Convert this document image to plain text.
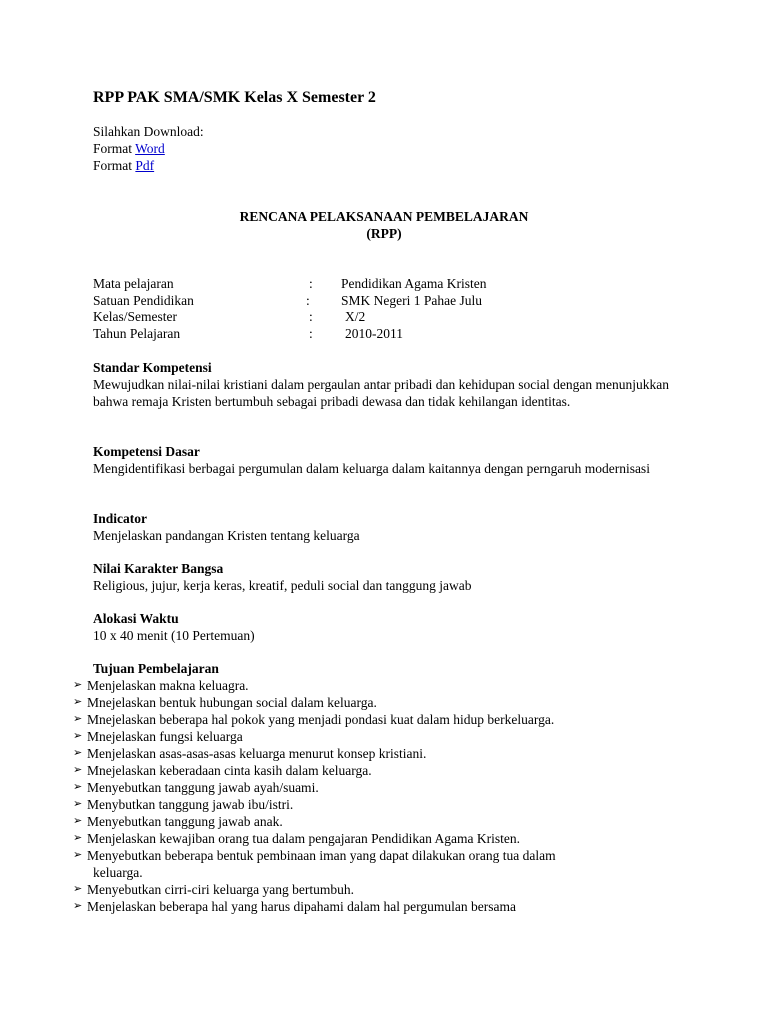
RPP PAK SMA/SMK Kelas X Semester 2
Silahkan Download:
Format Word
Format Pdf
RENCANA PELAKSANAAN PEMBELAJARAN
(RPP)
Mata pelajaran	: Pendidikan Agama Kristen
Satuan Pendidikan	: SMK Negeri 1 Pahae Julu
Kelas/Semester	: X/2
Tahun Pelajaran	: 2010-2011
Standar Kompetensi
Mewujudkan nilai-nilai kristiani dalam pergaulan antar pribadi dan kehidupan social dengan menunjukkan bahwa remaja Kristen bertumbuh sebagai pribadi dewasa dan tidak kehilangan identitas.
Kompetensi Dasar
Mengidentifikasi berbagai pergumulan dalam keluarga dalam kaitannya dengan perngaruh modernisasi
Indicator
Menjelaskan pandangan Kristen tentang keluarga
Nilai Karakter Bangsa
Religious, jujur, kerja keras, kreatif, peduli social dan tanggung jawab
Alokasi Waktu
10 x 40 menit (10 Pertemuan)
Tujuan Pembelajaran
➢ Menjelaskan makna keluagra.
➢ Mnejelaskan bentuk hubungan social dalam keluarga.
➢ Mnejelaskan beberapa hal pokok yang menjadi pondasi kuat dalam hidup berkeluarga.
➢ Mnejelaskan fungsi keluarga
➢ Menjelaskan asas-asas-asas keluarga menurut konsep kristiani.
➢ Mnejelaskan keberadaan cinta kasih dalam keluarga.
➢ Menyebutkan tanggung jawab ayah/suami.
➢ Menybutkan tanggung jawab ibu/istri.
➢ Menyebutkan tanggung jawab anak.
➢ Menjelaskan kewajiban orang tua dalam pengajaran Pendidikan Agama Kristen.
➢ Menyebutkan beberapa bentuk pembinaan iman yang dapat dilakukan orang tua dalam
keluarga.
➢ Menyebutkan cirri-ciri keluarga yang bertumbuh.
➢ Menjelaskan beberapa hal yang harus dipahami dalam hal pergumulan bersama
